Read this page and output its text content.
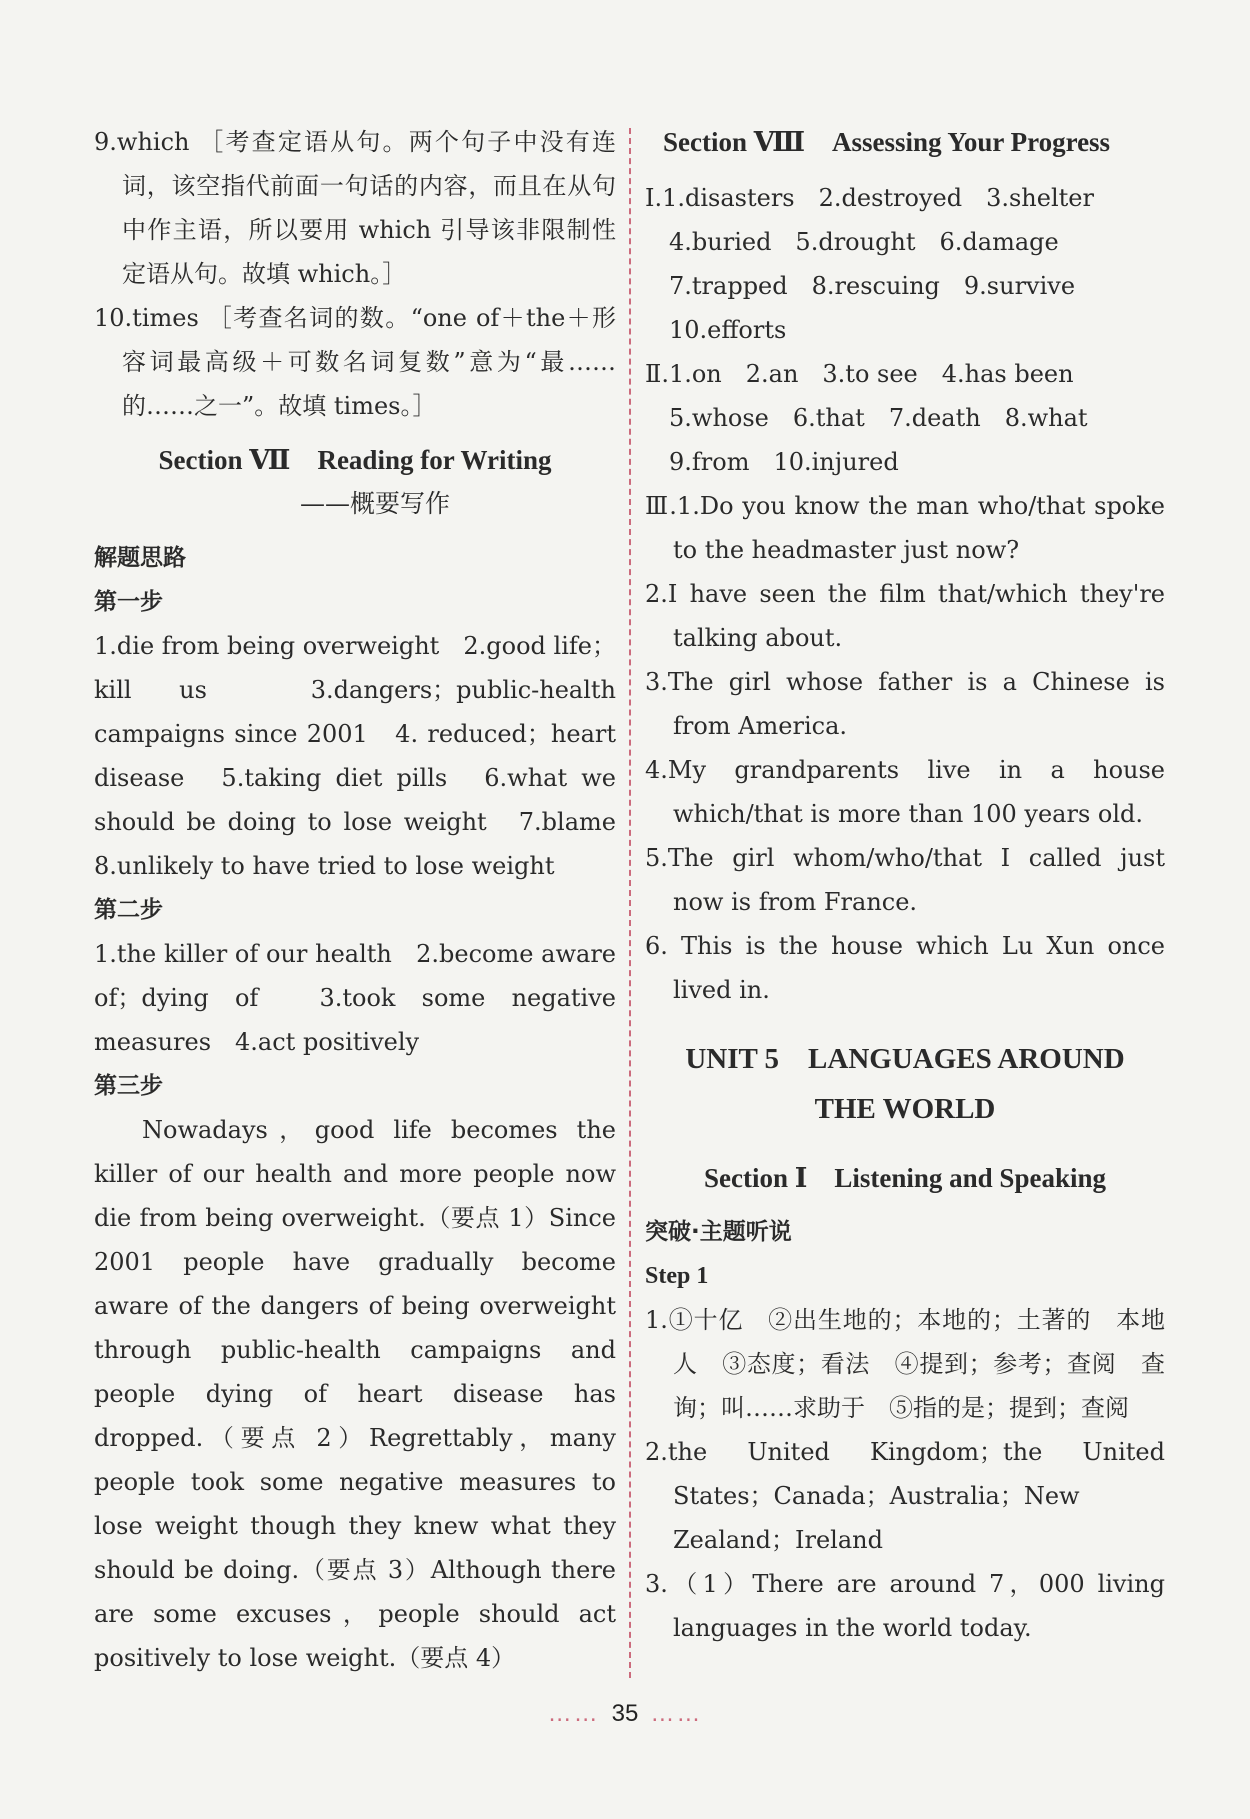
9.which ［考查定语从句。两个句子中没有连词，该空指代前面一句话的内容，而且在从句中作主语，所以要用 which 引导该非限制性定语从句。故填 which。］
10.times ［考查名词的数。“one of＋the＋形容词最高级＋可数名词复数”意为“最……的……之一”。故填 times。］
Section Ⅶ　Reading for Writing
——概要写作
解题思路
第一步
1.die from being overweight　2.good life；kill us　3.dangers；public-health campaigns since 2001　4. reduced；heart disease　5.taking diet pills　6.what we should be doing to lose weight　7.blame　8.unlikely to have tried to lose weight
第二步
1.the killer of our health　2.become aware of；dying of　3.took some negative measures　4.act positively
第三步
Nowadays，good life becomes the killer of our health and more people now die from being overweight.（要点 1）Since 2001 people have gradually become aware of the dangers of being overweight through public-health campaigns and people dying of heart disease has dropped.（要点 2）Regrettably，many people took some negative measures to lose weight though they knew what they should be doing.（要点 3）Although there are some excuses，people should act positively to lose weight.（要点 4）
Section Ⅷ　Assessing Your Progress
Ⅰ.1.disasters　2.destroyed　3.shelter
4.buried　5.drought　6.damage
7.trapped　8.rescuing　9.survive
10.efforts
Ⅱ.1.on　2.an　3.to see　4.has been
5.whose　6.that　7.death　8.what
9.from　10.injured
Ⅲ.1.Do you know the man who/that spoke to the headmaster just now?
2.I have seen the film that/which they're talking about.
3.The girl whose father is a Chinese is from America.
4.My grandparents live in a house which/that is more than 100 years old.
5.The girl whom/who/that I called just now is from France.
6. This is the house which Lu Xun once lived in.
UNIT 5　LANGUAGES AROUND
THE WORLD
Section Ⅰ　Listening and Speaking
突破·主题听说
Step 1
1.①十亿　②出生地的；本地的；土著的　本地人　③态度；看法　④提到；参考；查阅　查询；叫……求助于　⑤指的是；提到；查阅
2.the United Kingdom；the United States；Canada；Australia；New Zealand；Ireland
3.（1）There are around 7，000 living languages in the world today.
…… 35 ……
